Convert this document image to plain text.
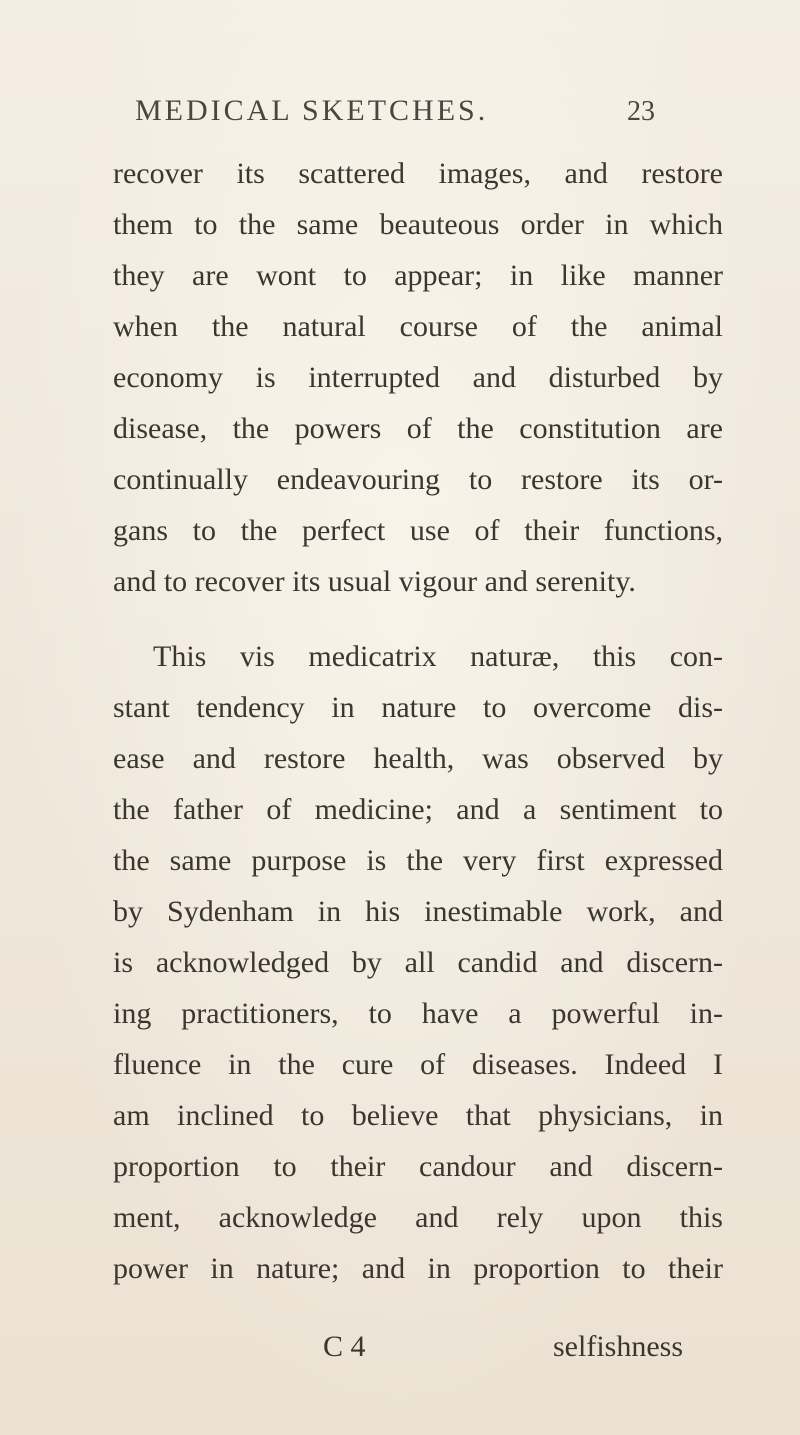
MEDICAL SKETCHES.	23
recover its scattered images, and restore
them to the same beauteous order in which
they are wont to appear; in like manner
when the natural course of the animal
economy is interrupted and disturbed by
disease, the powers of the constitution are
continually endeavouring to restore its or-
gans to the perfect use of their functions,
and to recover its usual vigour and serenity.
This vis medicatrix naturæ, this con-
stant tendency in nature to overcome dis-
ease and restore health, was observed by
the father of medicine; and a sentiment to
the same purpose is the very first expressed
by Sydenham in his inestimable work, and
is acknowledged by all candid and discern-
ing practitioners, to have a powerful in-
fluence in the cure of diseases. Indeed I
am inclined to believe that physicians, in
proportion to their candour and discern-
ment, acknowledge and rely upon this
power in nature; and in proportion to their
C 4	selfishness
